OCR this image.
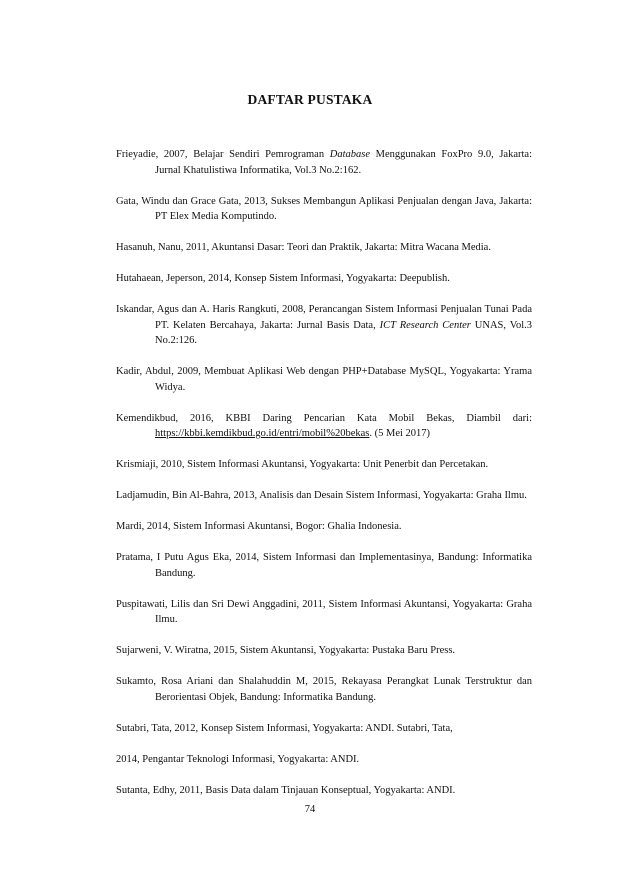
DAFTAR PUSTAKA

Frieyadie, 2007, Belajar Sendiri Pemrograman Database Menggunakan FoxPro 9.0, Jakarta: Jurnal Khatulistiwa Informatika, Vol.3 No.2:162.

Gata, Windu dan Grace Gata, 2013, Sukses Membangun Aplikasi Penjualan dengan Java, Jakarta: PT Elex Media Komputindo.

Hasanuh, Nanu, 2011, Akuntansi Dasar: Teori dan Praktik, Jakarta: Mitra Wacana Media.

Hutahaean, Jeperson, 2014, Konsep Sistem Informasi, Yogyakarta: Deepublish.

Iskandar, Agus dan A. Haris Rangkuti, 2008, Perancangan Sistem Informasi Penjualan Tunai Pada PT. Kelaten Bercahaya, Jakarta: Jurnal Basis Data, ICT Research Center UNAS, Vol.3 No.2:126.

Kadir, Abdul, 2009, Membuat Aplikasi Web dengan PHP+Database MySQL, Yogyakarta: Yrama Widya.

Kemendikbud, 2016, KBBI Daring Pencarian Kata Mobil Bekas, Diambil dari: https://kbbi.kemdikbud.go.id/entri/mobil%20bekas. (5 Mei 2017)

Krismiaji, 2010, Sistem Informasi Akuntansi, Yogyakarta: Unit Penerbit dan Percetakan.

Ladjamudin, Bin Al-Bahra, 2013, Analisis dan Desain Sistem Informasi, Yogyakarta: Graha Ilmu.

Mardi, 2014, Sistem Informasi Akuntansi, Bogor: Ghalia Indonesia.

Pratama, I Putu Agus Eka, 2014, Sistem Informasi dan Implementasinya, Bandung: Informatika Bandung.

Puspitawati, Lilis dan Sri Dewi Anggadini, 2011, Sistem Informasi Akuntansi, Yogyakarta: Graha Ilmu.

Sujarweni, V. Wiratna, 2015, Sistem Akuntansi, Yogyakarta: Pustaka Baru Press.

Sukamto, Rosa Ariani dan Shalahuddin M, 2015, Rekayasa Perangkat Lunak Terstruktur dan Berorientasi Objek, Bandung: Informatika Bandung.

Sutabri, Tata, 2012, Konsep Sistem Informasi, Yogyakarta: ANDI. Sutabri, Tata,

2014, Pengantar Teknologi Informasi, Yogyakarta: ANDI.

Sutanta, Edhy, 2011, Basis Data dalam Tinjauan Konseptual, Yogyakarta: ANDI.

74
